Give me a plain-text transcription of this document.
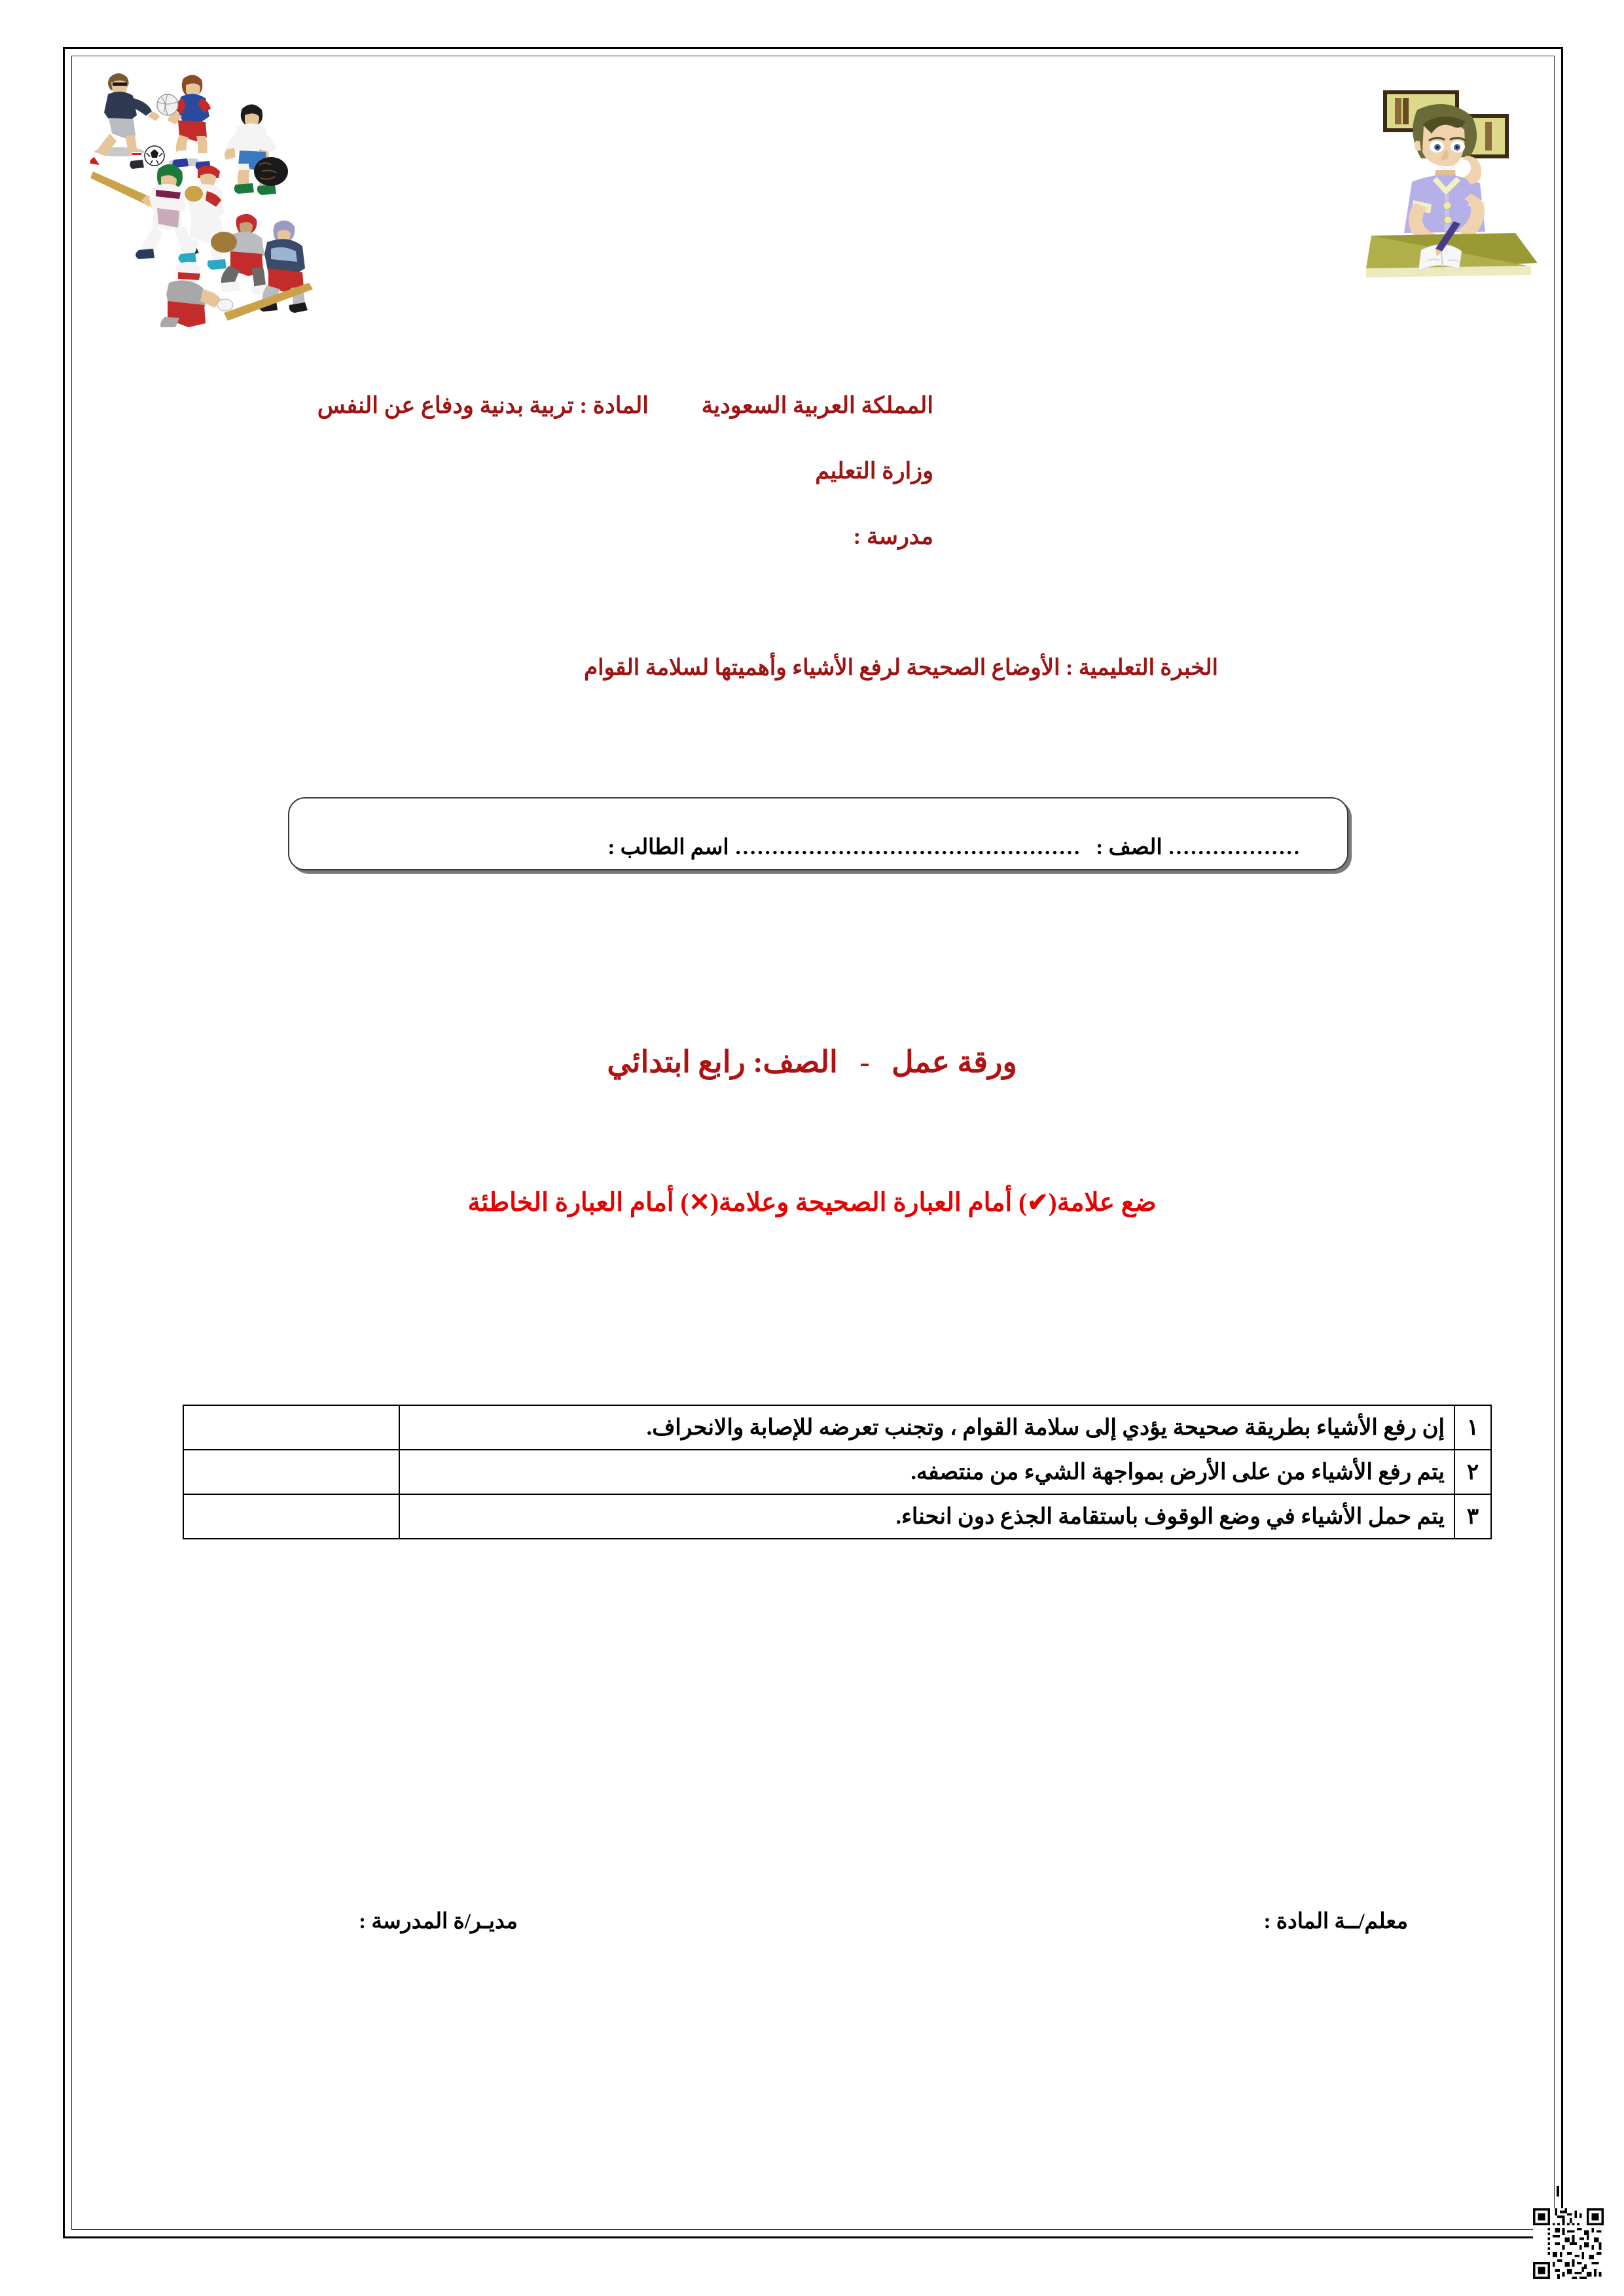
المملكة العربية السعودية
وزارة التعليم
مدرسة :
المادة : تربية بدنية ودفاع عن النفس
الخبرة التعليمية : الأوضاع الصحيحة لرفع الأشياء وأهميتها لسلامة القوام
..................
الصف :
...............................................
اسم الطالب :
ورقة عمل - الصف: رابع ابتدائي
ضع علامة(✔) أمام العبارة الصحيحة وعلامة(✕) أمام العبارة الخاطئة
١	إن رفع الأشياء بطريقة صحيحة يؤدي إلى سلامة القوام ، وتجنب تعرضه للإصابة والانحراف.	
٢	يتم رفع الأشياء من على الأرض بمواجهة الشيء من منتصفه.	
٣	يتم حمل الأشياء في وضع الوقوف باستقامة الجذع دون انحناء.	
معلم/ــة المادة :
مديـر/ة المدرسة :
